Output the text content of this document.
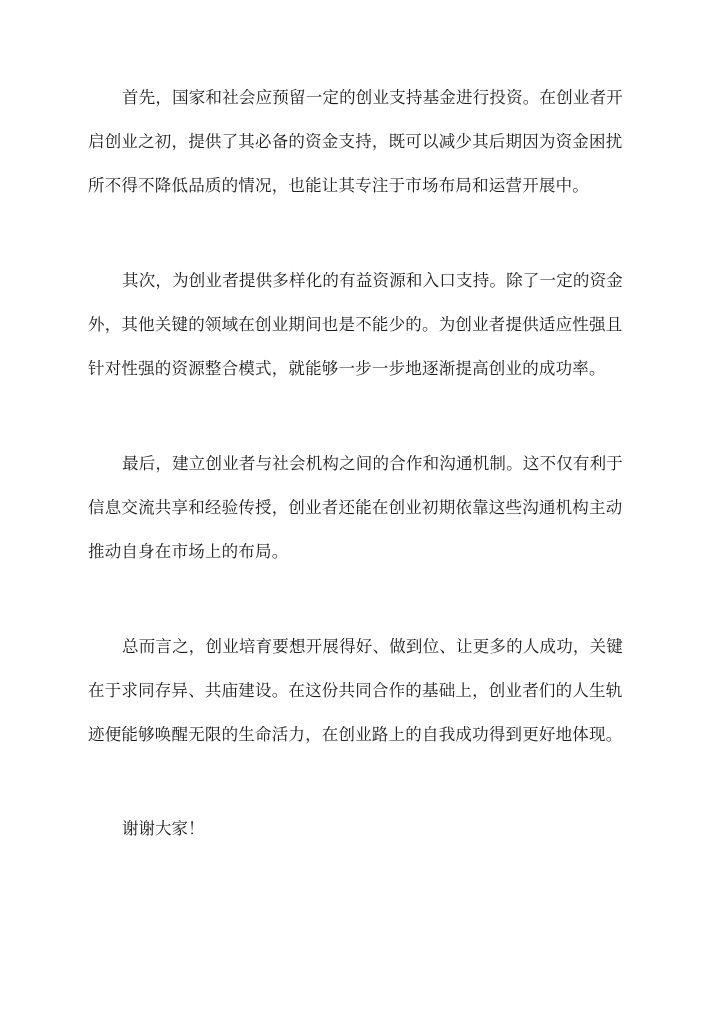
首先，国家和社会应预留一定的创业支持基金进行投资。在创业者开启创业之初，提供了其必备的资金支持，既可以减少其后期因为资金困扰所不得不降低品质的情况，也能让其专注于市场布局和运营开展中。

其次，为创业者提供多样化的有益资源和入口支持。除了一定的资金外，其他关键的领域在创业期间也是不能少的。为创业者提供适应性强且针对性强的资源整合模式，就能够一步一步地逐渐提高创业的成功率。

最后，建立创业者与社会机构之间的合作和沟通机制。这不仅有利于信息交流共享和经验传授，创业者还能在创业初期依靠这些沟通机构主动推动自身在市场上的布局。

总而言之，创业培育要想开展得好、做到位、让更多的人成功，关键在于求同存异、共庙建设。在这份共同合作的基础上，创业者们的人生轨迹便能够唤醒无限的生命活力，在创业路上的自我成功得到更好地体现。

谢谢大家！
